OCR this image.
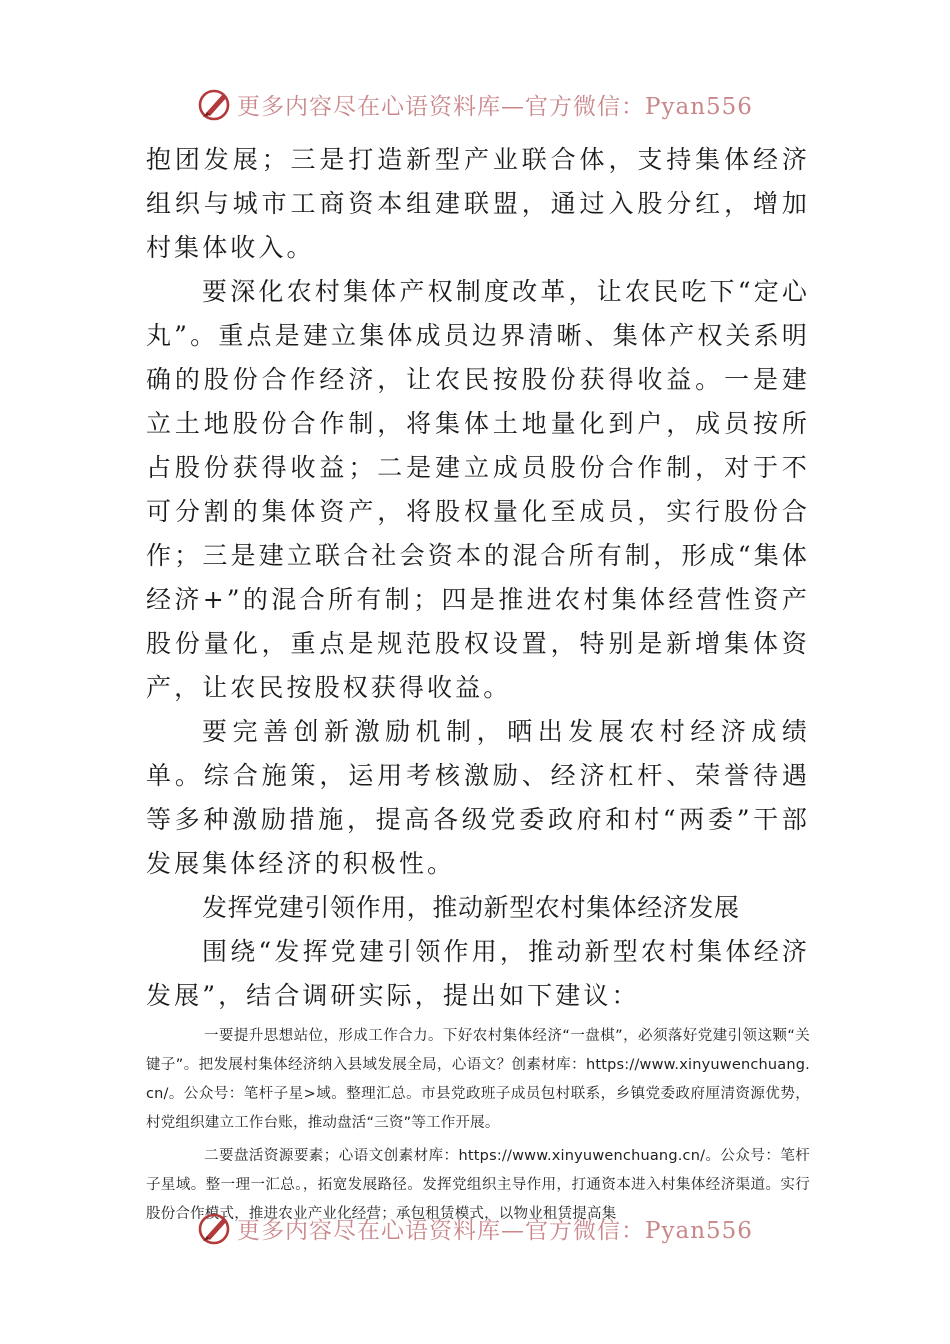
更多内容尽在心语资料库—官方微信：Pyan556

抱团发展；三是打造新型产业联合体，支持集体经济组织与城市工商资本组建联盟，通过入股分红，增加村集体收入。

要深化农村集体产权制度改革，让农民吃下“定心丸”。重点是建立集体成员边界清晰、集体产权关系明确的股份合作经济，让农民按股份获得收益。一是建立土地股份合作制，将集体土地量化到户，成员按所占股份获得收益；二是建立成员股份合作制，对于不可分割的集体资产，将股权量化至成员，实行股份合作；三是建立联合社会资本的混合所有制，形成“集体经济+”的混合所有制；四是推进农村集体经营性资产股份量化，重点是规范股权设置，特别是新增集体资产，让农民按股权获得收益。

要完善创新激励机制，晒出发展农村经济成绩单。综合施策，运用考核激励、经济杠杆、荣誉待遇等多种激励措施，提高各级党委政府和村“两委”干部发展集体经济的积极性。

发挥党建引领作用，推动新型农村集体经济发展

围绕“发挥党建引领作用，推动新型农村集体经济发展”，结合调研实际，提出如下建议：

一要提升思想站位，形成工作合力。下好农村集体经济“一盘棋”，必须落好党建引领这颗“关键子”。把发展村集体经济纳入县域发展全局，心语文？创素材库：https://www.xinyuwenchuang.cn/。公众号：笔杆子星>域。整理汇总。市县党政班子成员包村联系，乡镇党委政府厘清资源优势，村党组织建立工作台账，推动盘活“三资”等工作开展。

二要盘活资源要素；心语文创素材库：https://www.xinyuwenchuang.cn/。公众号：笔杆子星域。整一理一汇总。，拓宽发展路径。发挥党组织主导作用，打通资本进入村集体经济渠道。实行股份合作模式，推进农业产业化经营；承包租赁模式，以物业租赁提高集

更多内容尽在心语资料库—官方微信：Pyan556
